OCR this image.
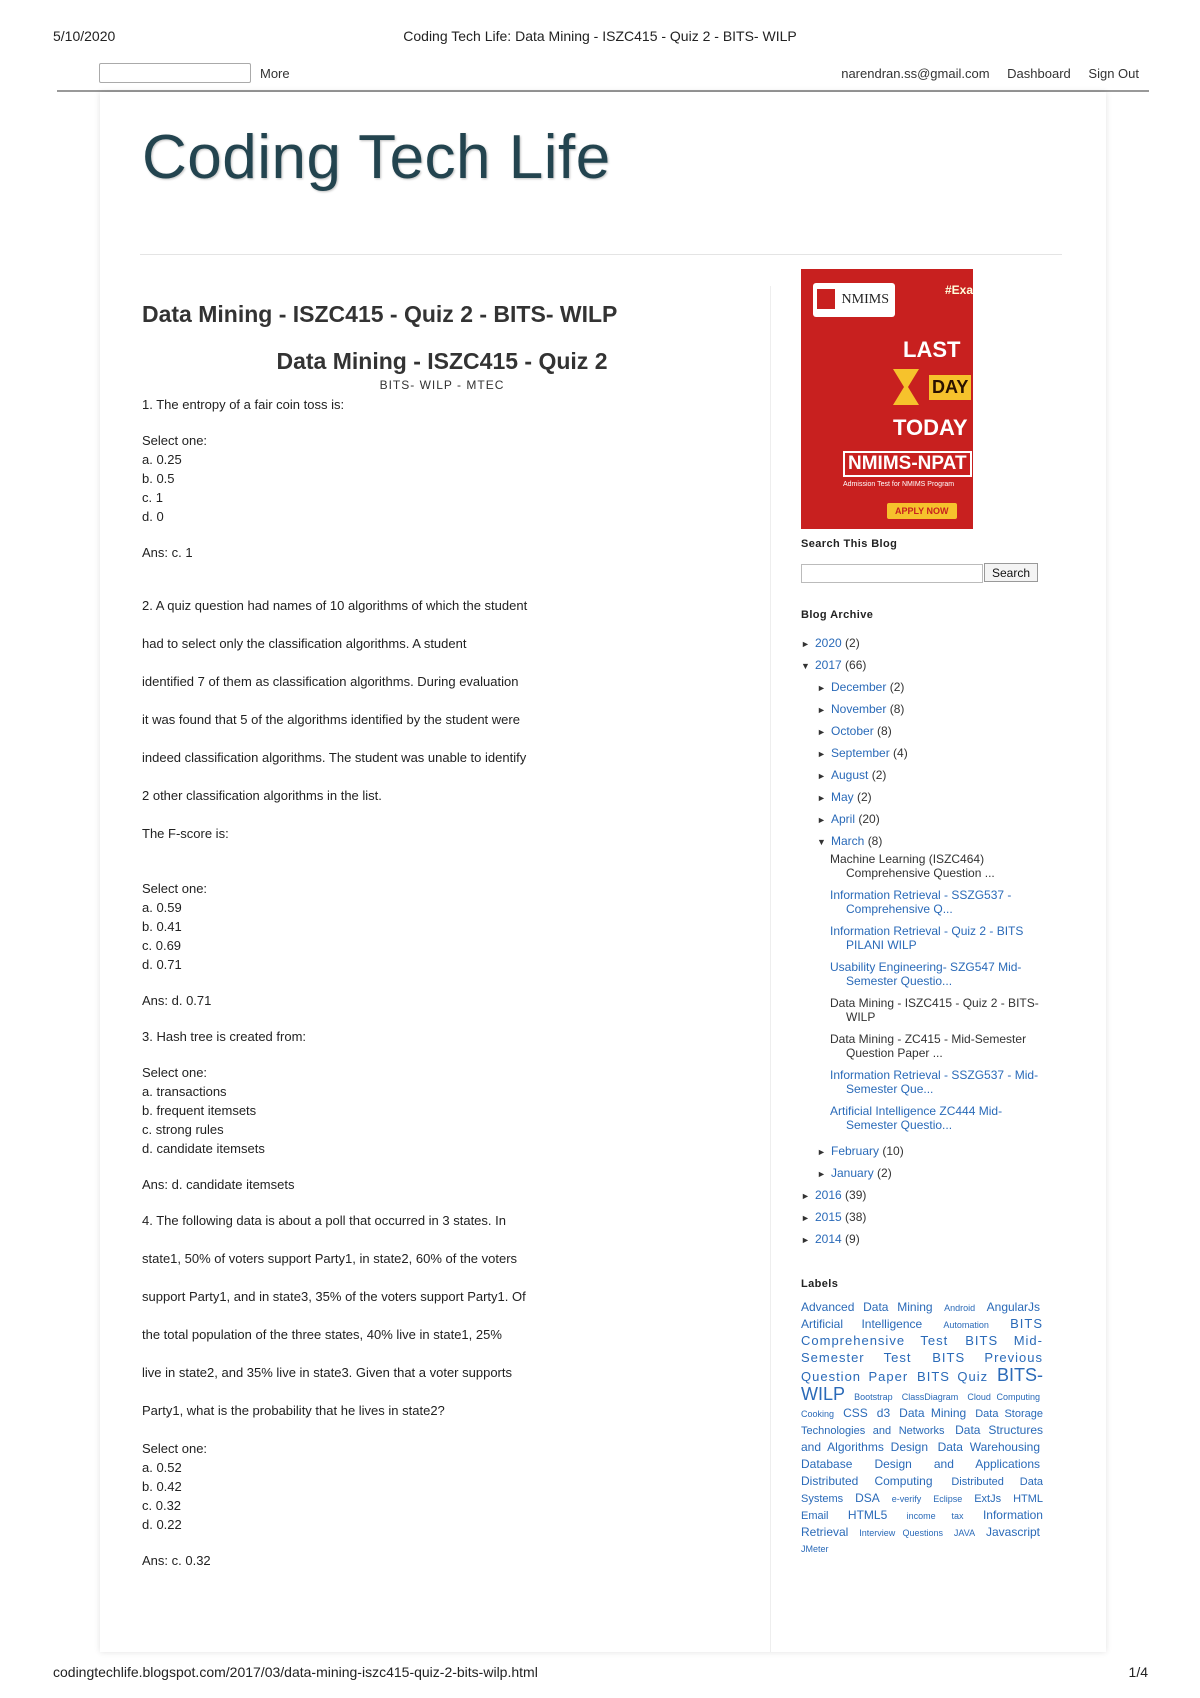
5/10/2020	Coding Tech Life: Data Mining - ISZC415 - Quiz 2 - BITS- WILP
More	narendran.ss@gmail.com Dashboard Sign Out
Coding Tech Life
Data Mining - ISZC415 - Quiz 2 - BITS- WILP
Data Mining - ISZC415 - Quiz 2

BITS- WILP - MTEC

1. The entropy of a fair coin toss is:

Select one:

a. 0.25

b. 0.5

c. 1

d. 0

Ans: c. 1

2. A quiz question had names of 10 algorithms of which the student

had to select only the classification algorithms. A student

identified 7 of them as classification algorithms. During evaluation

it was found that 5 of the algorithms identified by the student were

indeed classification algorithms. The student was unable to identify

2 other classification algorithms in the list.

The F-score is:

Select one:

a. 0.59

b. 0.41

c. 0.69

d. 0.71

Ans: d. 0.71

3. Hash tree is created from:

Select one:

a. transactions

b. frequent itemsets

c. strong rules

d. candidate itemsets

Ans: d. candidate itemsets

4. The following data is about a poll that occurred in 3 states. In

state1, 50% of voters support Party1, in state2, 60% of the voters

support Party1, and in state3, 35% of the voters support Party1. Of

the total population of the three states, 40% live in state1, 25%

live in state2, and 35% live in state3. Given that a voter supports

Party1, what is the probability that he lives in state2?

Select one:

a. 0.52

b. 0.42

c. 0.32

d. 0.22

Ans: c. 0.32

NMIMS
#Exa
LAST
DAY
TODAY
NMIMS-NPAT
Admission Test for NMIMS Program
APPLY NOW
Search This Blog
Search
Blog Archive
► 2020 (2)
▼ 2017 (66)
► December (2)
► November (8)
► October (8)
► September (4)
► August (2)
► May (2)
► April (20)
▼ March (8)
Machine Learning (ISZC464)
Comprehensive Question ...
Information Retrieval - SSZG537 -
Comprehensive Q...
Information Retrieval - Quiz 2 - BITS
PILANI WILP
Usability Engineering- SZG547 Mid-
Semester Questio...
Data Mining - ISZC415 - Quiz 2 - BITS-
WILP
Data Mining - ZC415 - Mid-Semester
Question Paper ...
Information Retrieval - SSZG537 - Mid-
Semester Que...
Artificial Intelligence ZC444 Mid-
Semester Questio...
► February (10)
► January (2)
► 2016 (39)
► 2015 (38)
► 2014 (9)
Labels
Advanced Data Mining Android AngularJs Artificial Intelligence Automation BITS Comprehensive Test BITS Mid-Semester Test BITS Previous Question Paper BITS Quiz BITS-WILP Bootstrap ClassDiagram Cloud Computing Cooking CSS d3 Data Mining Data Storage Technologies and Networks Data Structures and Algorithms Design Data Warehousing Database Design and Applications Distributed Computing Distributed Data Systems DSA e-verify Eclipse ExtJs HTML Email HTML5 income tax Information Retrieval Interview Questions JAVA Javascript JMeter
codingtechlife.blogspot.com/2017/03/data-mining-iszc415-quiz-2-bits-wilp.html	1/4
